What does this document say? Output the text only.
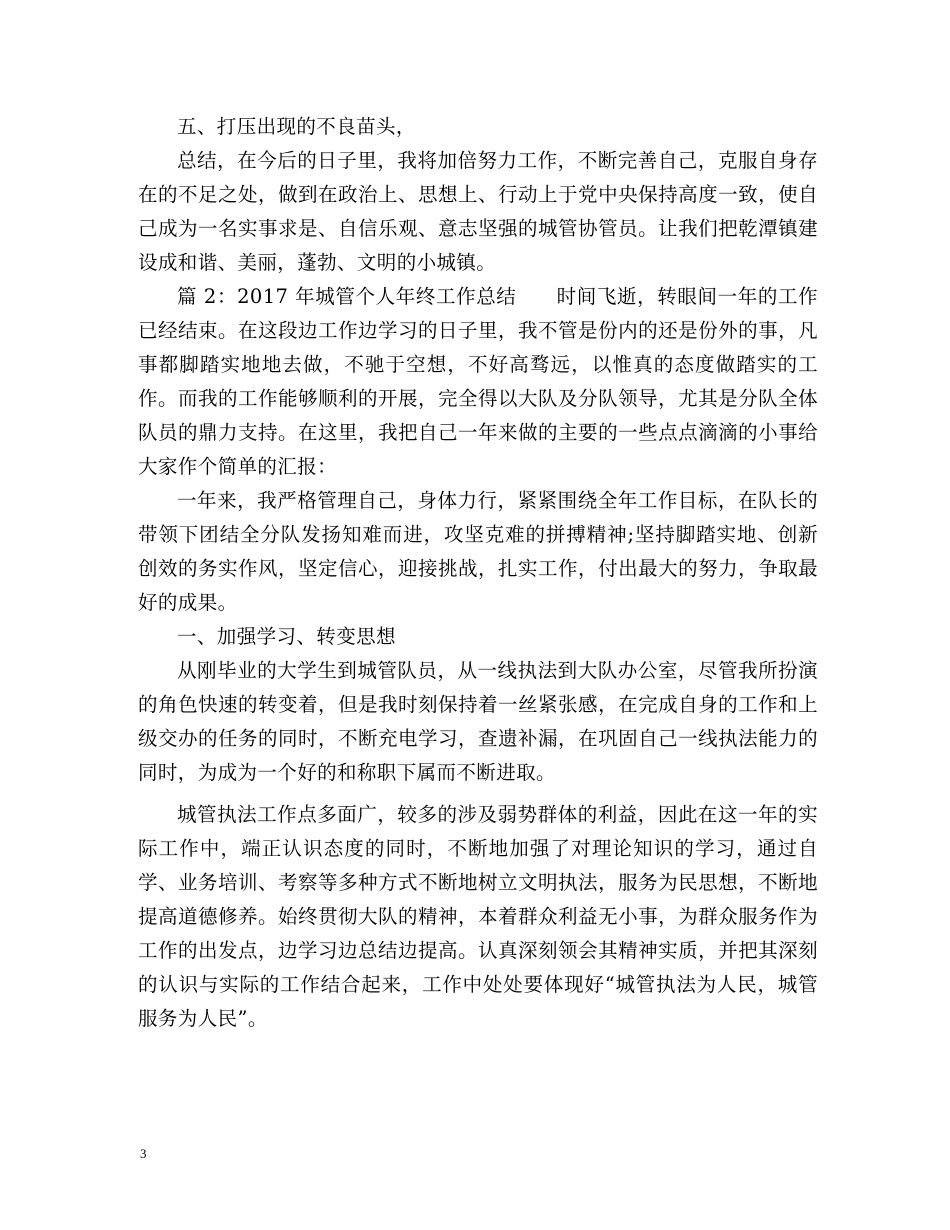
五、打压出现的不良苗头，

总结，在今后的日子里，我将加倍努力工作，不断完善自己，克服自身存在的不足之处，做到在政治上、思想上、行动上于党中央保持高度一致，使自己成为一名实事求是、自信乐观、意志坚强的城管协管员。让我们把乾潭镇建设成和谐、美丽，蓬勃、文明的小城镇。

篇 2：2017 年城管个人年终工作总结　　时间飞逝，转眼间一年的工作已经结束。在这段边工作边学习的日子里，我不管是份内的还是份外的事，凡事都脚踏实地地去做，不驰于空想，不好高骛远，以惟真的态度做踏实的工作。而我的工作能够顺利的开展，完全得以大队及分队领导，尤其是分队全体队员的鼎力支持。在这里，我把自己一年来做的主要的一些点点滴滴的小事给大家作个简单的汇报：

一年来，我严格管理自己，身体力行，紧紧围绕全年工作目标，在队长的带领下团结全分队发扬知难而进，攻坚克难的拼搏精神;坚持脚踏实地、创新创效的务实作风，坚定信心，迎接挑战，扎实工作，付出最大的努力，争取最好的成果。

一、加强学习、转变思想

从刚毕业的大学生到城管队员，从一线执法到大队办公室，尽管我所扮演的角色快速的转变着，但是我时刻保持着一丝紧张感，在完成自身的工作和上级交办的任务的同时，不断充电学习，查遗补漏，在巩固自己一线执法能力的同时，为成为一个好的和称职下属而不断进取。

城管执法工作点多面广，较多的涉及弱势群体的利益，因此在这一年的实际工作中，端正认识态度的同时，不断地加强了对理论知识的学习，通过自学、业务培训、考察等多种方式不断地树立文明执法，服务为民思想，不断地提高道德修养。始终贯彻大队的精神，本着群众利益无小事，为群众服务作为工作的出发点，边学习边总结边提高。认真深刻领会其精神实质，并把其深刻的认识与实际的工作结合起来，工作中处处要体现好“城管执法为人民，城管服务为人民”。

3
